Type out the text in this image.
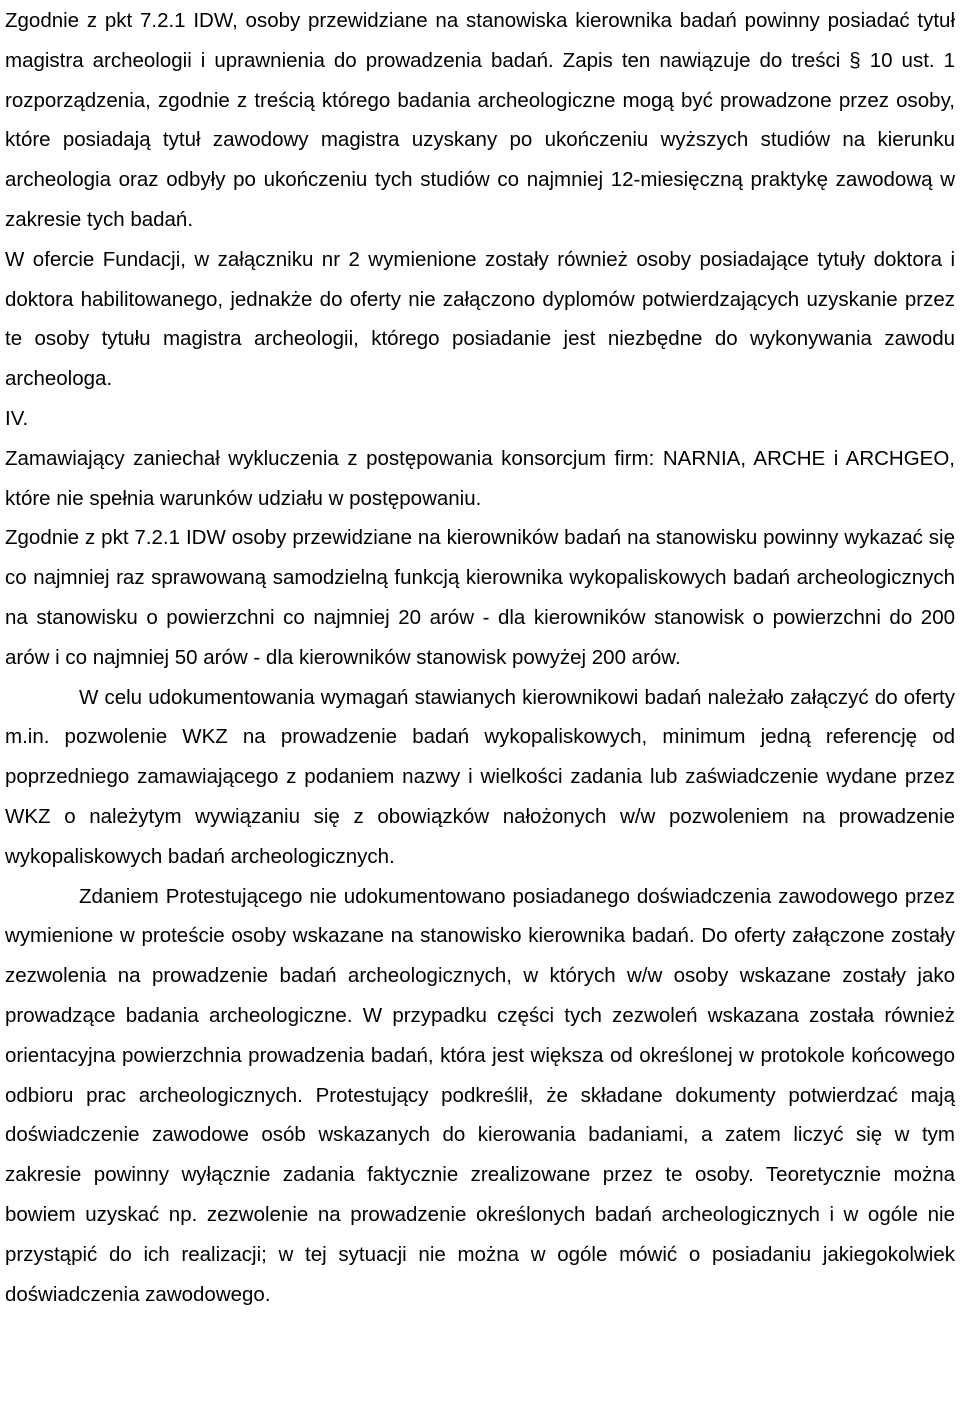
Zgodnie z pkt 7.2.1 IDW, osoby przewidziane na stanowiska kierownika badań powinny posiadać tytuł magistra archeologii i uprawnienia do prowadzenia badań. Zapis ten nawiązuje do treści § 10 ust. 1 rozporządzenia, zgodnie z treścią którego badania archeologiczne mogą być prowadzone przez osoby, które posiadają tytuł zawodowy magistra uzyskany po ukończeniu wyższych studiów na kierunku archeologia oraz odbyły po ukończeniu tych studiów co najmniej 12-miesięczną praktykę zawodową w zakresie tych badań.

W ofercie Fundacji, w załączniku nr 2 wymienione zostały również osoby posiadające tytuły doktora i doktora habilitowanego, jednakże do oferty nie załączono dyplomów potwierdzających uzyskanie przez te osoby tytułu magistra archeologii, którego posiadanie jest niezbędne do wykonywania zawodu archeologa.

IV.

Zamawiający zaniechał wykluczenia z postępowania konsorcjum firm: NARNIA, ARCHE i ARCHGEO, które nie spełnia warunków udziału w postępowaniu.

Zgodnie z pkt 7.2.1 IDW osoby przewidziane na kierowników badań na stanowisku powinny wykazać się co najmniej raz sprawowaną samodzielną funkcją kierownika wykopaliskowych badań archeologicznych na stanowisku o powierzchni co najmniej 20 arów - dla kierowników stanowisk o powierzchni do 200 arów i co najmniej 50 arów - dla kierowników stanowisk powyżej 200 arów.

W celu udokumentowania wymagań stawianych kierownikowi badań należało załączyć do oferty m.in. pozwolenie WKZ na prowadzenie badań wykopaliskowych, minimum jedną referencję od poprzedniego zamawiającego z podaniem nazwy i wielkości zadania lub zaświadczenie wydane przez WKZ o należytym wywiązaniu się z obowiązków nałożonych w/w pozwoleniem na prowadzenie wykopaliskowych badań archeologicznych.

Zdaniem Protestującego nie udokumentowano posiadanego doświadczenia zawodowego przez wymienione w proteście osoby wskazane na stanowisko kierownika badań. Do oferty załączone zostały zezwolenia na prowadzenie badań archeologicznych, w których w/w osoby wskazane zostały jako prowadzące badania archeologiczne. W przypadku części tych zezwoleń wskazana została również orientacyjna powierzchnia prowadzenia badań, która jest większa od określonej w protokole końcowego odbioru prac archeologicznych. Protestujący podkreślił, że składane dokumenty potwierdzać mają doświadczenie zawodowe osób wskazanych do kierowania badaniami, a zatem liczyć się w tym zakresie powinny wyłącznie zadania faktycznie zrealizowane przez te osoby. Teoretycznie można bowiem uzyskać np. zezwolenie na prowadzenie określonych badań archeologicznych i w ogóle nie przystąpić do ich realizacji; w tej sytuacji nie można w ogóle mówić o posiadaniu jakiegokolwiek doświadczenia zawodowego.
